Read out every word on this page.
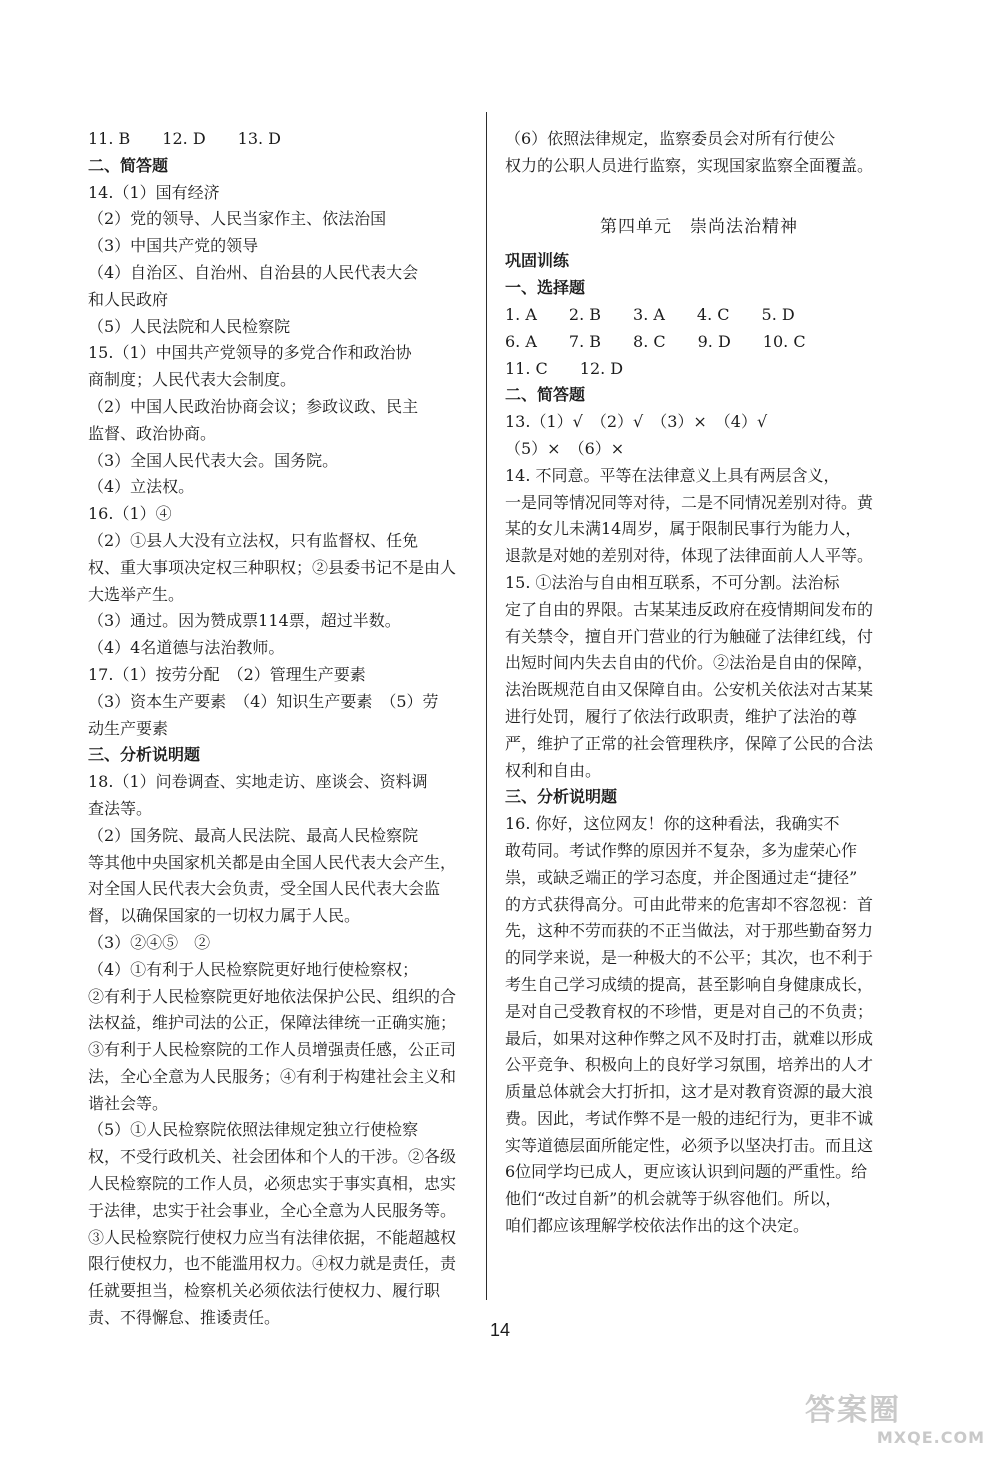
11. B　　12. D　　13. D
二、简答题
14.（1）国有经济
（2）党的领导、人民当家作主、依法治国
（3）中国共产党的领导
（4）自治区、自治州、自治县的人民代表大会
和人民政府
（5）人民法院和人民检察院
15.（1）中国共产党领导的多党合作和政治协
商制度；人民代表大会制度。
（2）中国人民政治协商会议；参政议政、民主
监督、政治协商。
（3）全国人民代表大会。国务院。
（4）立法权。
16.（1）④
（2）①县人大没有立法权，只有监督权、任免
权、重大事项决定权三种职权；②县委书记不是由人
大选举产生。
（3）通过。因为赞成票114票，超过半数。
（4）4名道德与法治教师。
17.（1）按劳分配　（2）管理生产要素
（3）资本生产要素　（4）知识生产要素　（5）劳
动生产要素
三、分析说明题
18.（1）问卷调查、实地走访、座谈会、资料调
查法等。
（2）国务院、最高人民法院、最高人民检察院
等其他中央国家机关都是由全国人民代表大会产生，
对全国人民代表大会负责，受全国人民代表大会监
督，以确保国家的一切权力属于人民。
（3）②④⑤　②
（4）①有利于人民检察院更好地行使检察权；
②有利于人民检察院更好地依法保护公民、组织的合
法权益，维护司法的公正，保障法律统一正确实施；
③有利于人民检察院的工作人员增强责任感，公正司
法，全心全意为人民服务；④有利于构建社会主义和
谐社会等。
（5）①人民检察院依照法律规定独立行使检察
权，不受行政机关、社会团体和个人的干涉。②各级
人民检察院的工作人员，必须忠实于事实真相，忠实
于法律，忠实于社会事业，全心全意为人民服务等。
③人民检察院行使权力应当有法律依据，不能超越权
限行使权力，也不能滥用权力。④权力就是责任，责
任就要担当，检察机关必须依法行使权力、履行职
责、不得懈怠、推诿责任。
（6）依照法律规定，监察委员会对所有行使公
权力的公职人员进行监察，实现国家监察全面覆盖。
第四单元　崇尚法治精神
巩固训练
一、选择题
1. A　　2. B　　3. A　　4. C　　5. D
6. A　　7. B　　8. C　　9. D　　10. C
11. C　　12. D
二、简答题
13.（1）√　（2）√　（3）×　（4）√
（5）×　（6）×
14. 不同意。平等在法律意义上具有两层含义，
一是同等情况同等对待，二是不同情况差别对待。黄
某的女儿未满14周岁，属于限制民事行为能力人，
退款是对她的差别对待，体现了法律面前人人平等。
15. ①法治与自由相互联系，不可分割。法治标
定了自由的界限。古某某违反政府在疫情期间发布的
有关禁令，擅自开门营业的行为触碰了法律红线，付
出短时间内失去自由的代价。②法治是自由的保障，
法治既规范自由又保障自由。公安机关依法对古某某
进行处罚，履行了依法行政职责，维护了法治的尊
严，维护了正常的社会管理秩序，保障了公民的合法
权利和自由。
三、分析说明题
16. 你好，这位网友！你的这种看法，我确实不
敢苟同。考试作弊的原因并不复杂，多为虚荣心作
祟，或缺乏端正的学习态度，并企图通过走“捷径”
的方式获得高分。可由此带来的危害却不容忽视：首
先，这种不劳而获的不正当做法，对于那些勤奋努力
的同学来说，是一种极大的不公平；其次，也不利于
考生自己学习成绩的提高，甚至影响自身健康成长，
是对自己受教育权的不珍惜，更是对自己的不负责；
最后，如果对这种作弊之风不及时打击，就难以形成
公平竞争、积极向上的良好学习氛围，培养出的人才
质量总体就会大打折扣，这才是对教育资源的最大浪
费。因此，考试作弊不是一般的违纪行为，更非不诚
实等道德层面所能定性，必须予以坚决打击。而且这
6位同学均已成人，更应该认识到问题的严重性。给
他们“改过自新”的机会就等于纵容他们。所以，
咱们都应该理解学校依法作出的这个决定。
14
答案圈
MXQE.COM
